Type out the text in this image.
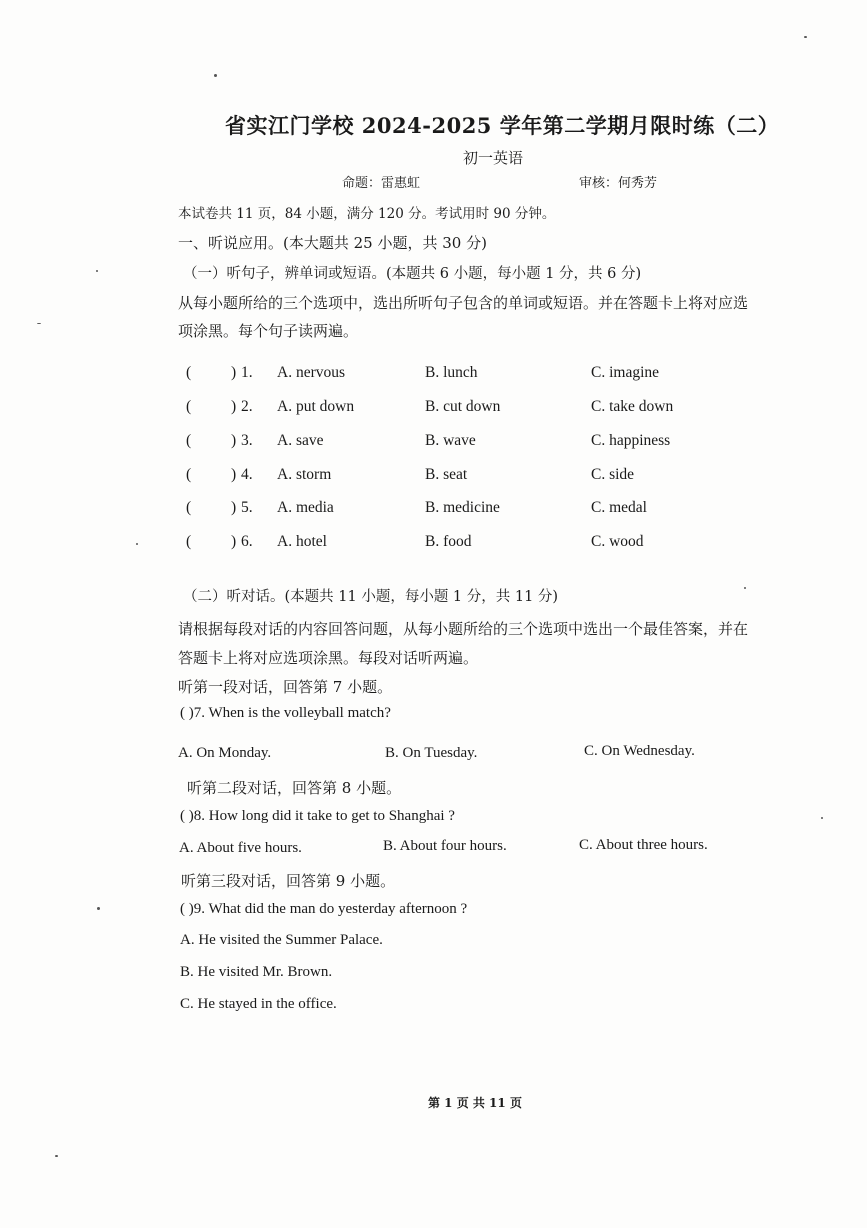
省实江门学校 2024-2025 学年第二学期月限时练（二）
初一英语
命题：雷惠虹	审核：何秀芳
本试卷共 11 页，84 小题，满分 120 分。考试用时 90 分钟。
一、听说应用。(本大题共 25 小题，共 30 分)
（一）听句子，辨单词或短语。(本题共 6 小题，每小题 1 分，共 6 分)
从每小题所给的三个选项中，选出所听句子包含的单词或短语。并在答题卡上将对应选
项涂黑。每个句子读两遍。
(	) 1. A. nervous	B. lunch	C. imagine
(	) 2. A. put down	B. cut down	C. take down
(	) 3. A. save	B. wave	C. happiness
(	) 4. A. storm	B. seat	C. side
(	) 5. A. media	B. medicine	C. medal
(	) 6. A. hotel	B. food	C. wood
（二）听对话。(本题共 11 小题，每小题 1 分，共 11 分)
请根据每段对话的内容回答问题，从每小题所给的三个选项中选出一个最佳答案，并在
答题卡上将对应选项涂黑。每段对话听两遍。
听第一段对话，回答第 7 小题。
( )7. When is the volleyball match?
A. On Monday.	B. On Tuesday.	C. On Wednesday.
听第二段对话，回答第 8 小题。
( )8. How long did it take to get to Shanghai ?
A. About five hours.	B. About four hours.	C. About three hours.
听第三段对话，回答第 9 小题。
( )9. What did the man do yesterday afternoon ?
A. He visited the Summer Palace.
B. He visited Mr. Brown.
C. He stayed in the office.
第 1 页 共 11 页
